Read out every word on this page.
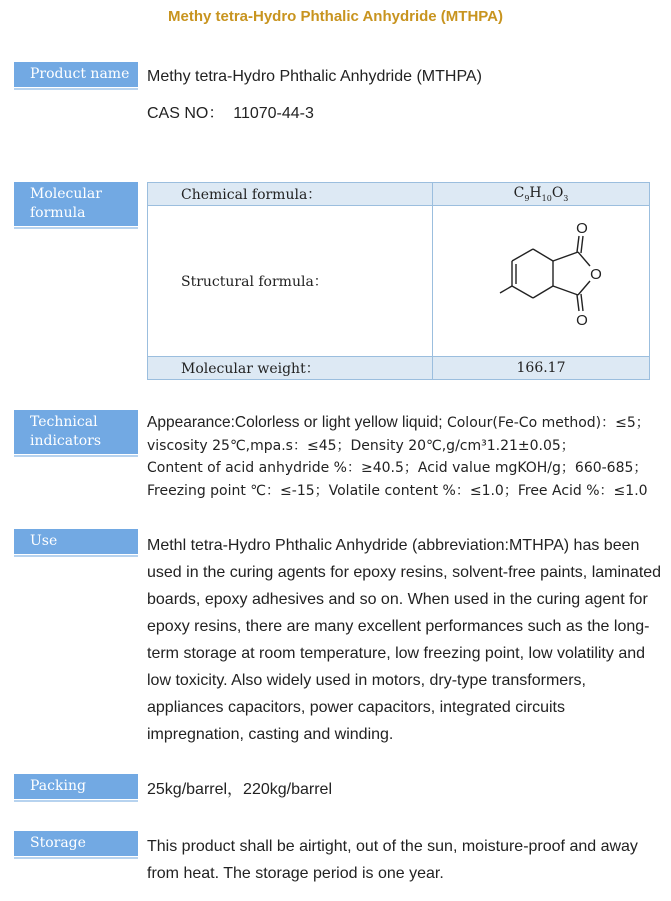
Methy tetra-Hydro Phthalic Anhydride (MTHPA)
Product name	Methy tetra-Hydro Phthalic Anhydride (MTHPA)
CAS NO： 11070-44-3
Molecular
formula
Chemical formula：	$C_9H_{10}O_3$
Structural formula：	O
O
O

Molecular weight：	166.17
Technical
indicators
Appearance:Colorless or light yellow liquid; Colour(Fe-Co method)：≤5；
viscosity 25℃,mpa.s：≤45；Density 20℃,g/cm³1.21±0.05；
Content of acid anhydride %：≥40.5；Acid value mgKOH/g；660-685；
Freezing point ℃：≤-15；Volatile content %：≤1.0；Free Acid %：≤1.0
Use	Methl tetra-Hydro Phthalic Anhydride (abbreviation:MTHPA) has been used in the curing agents for epoxy resins, solvent-free paints, laminated boards, epoxy adhesives and so on. When used in the curing agent for epoxy resins, there are many excellent performances such as the long-term storage at room temperature, low freezing point, low volatility and low toxicity. Also widely used in motors, dry-type transformers, appliances capacitors, power capacitors, integrated circuits impregnation, casting and winding.
Packing	25kg/barrel，220kg/barrel
Storage	This product shall be airtight, out of the sun, moisture-proof and away from heat. The storage period is one year.
